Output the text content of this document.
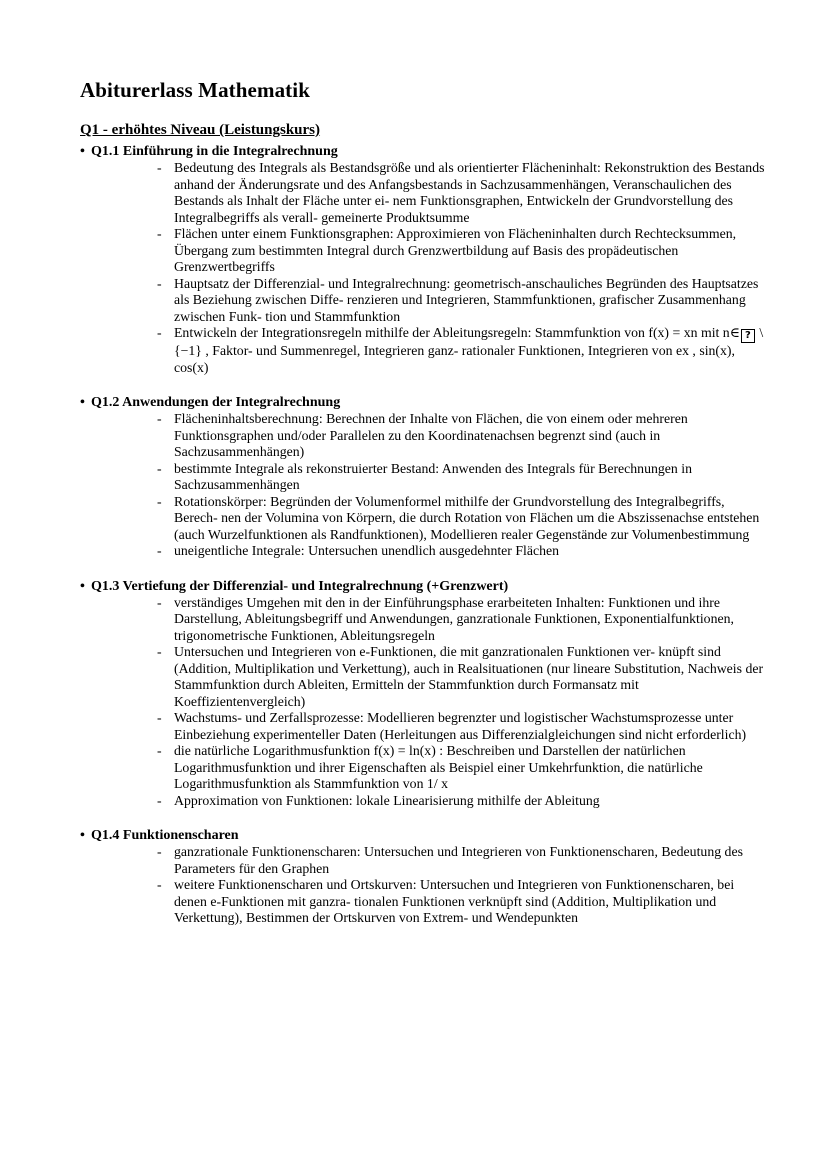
Abiturerlass Mathematik
Q1 - erhöhtes Niveau (Leistungskurs)
• Q1.1 Einführung in die Integralrechnung
- Bedeutung des Integrals als Bestandsgröße und als orientierter Flächeninhalt: Rekonstruktion des Bestands anhand der Änderungsrate und des Anfangsbestands in Sachzusammenhängen, Veranschaulichen des Bestands als Inhalt der Fläche unter ei- nem Funktionsgraphen, Entwickeln der Grundvorstellung des Integralbegriffs als verall- gemeinerte Produktsumme
- Flächen unter einem Funktionsgraphen: Approximieren von Flächeninhalten durch Rechtecksummen, Übergang zum bestimmten Integral durch Grenzwertbildung auf Basis des propädeutischen Grenzwertbegriffs
- Hauptsatz der Differenzial- und Integralrechnung: geometrisch-anschauliches Begründen des Hauptsatzes als Beziehung zwischen Diffe- renzieren und Integrieren, Stammfunktionen, grafischer Zusammenhang zwischen Funk- tion und Stammfunktion
- Entwickeln der Integrationsregeln mithilfe der Ableitungsregeln: Stammfunktion von f(x) = xn mit n∈ ? \ {−1} , Faktor- und Summenregel, Integrieren ganz- rationaler Funktionen, Integrieren von ex , sin(x), cos(x)
• Q1.2 Anwendungen der Integralrechnung
- Flächeninhaltsberechnung: Berechnen der Inhalte von Flächen, die von einem oder mehreren Funktionsgraphen und/oder Parallelen zu den Koordinatenachsen begrenzt sind (auch in Sachzusammenhängen)
- bestimmte Integrale als rekonstruierter Bestand: Anwenden des Integrals für Berechnungen in Sachzusammenhängen
- Rotationskörper: Begründen der Volumenformel mithilfe der Grundvorstellung des Integralbegriffs, Berech- nen der Volumina von Körpern, die durch Rotation von Flächen um die Abszissenachse entstehen (auch Wurzelfunktionen als Randfunktionen), Modellieren realer Gegenstände zur Volumenbestimmung
- uneigentliche Integrale: Untersuchen unendlich ausgedehnter Flächen
• Q1.3 Vertiefung der Differenzial- und Integralrechnung (+Grenzwert)
- verständiges Umgehen mit den in der Einführungsphase erarbeiteten Inhalten: Funktionen und ihre Darstellung, Ableitungsbegriff und Anwendungen, ganzrationale Funktionen, Exponentialfunktionen, trigonometrische Funktionen, Ableitungsregeln
- Untersuchen und Integrieren von e-Funktionen, die mit ganzrationalen Funktionen ver- knüpft sind (Addition, Multiplikation und Verkettung), auch in Realsituationen (nur lineare Substitution, Nachweis der Stammfunktion durch Ableiten, Ermitteln der Stammfunktion durch Formansatz mit Koeffizientenvergleich)
- Wachstums- und Zerfallsprozesse: Modellieren begrenzter und logistischer Wachstumsprozesse unter Einbeziehung experimenteller Daten (Herleitungen aus Differenzialgleichungen sind nicht erforderlich)
- die natürliche Logarithmusfunktion f(x) = ln(x) : Beschreiben und Darstellen der natürlichen Logarithmusfunktion und ihrer Eigenschaften als Beispiel einer Umkehrfunktion, die natürliche Logarithmusfunktion als Stammfunktion von 1/ x
- Approximation von Funktionen: lokale Linearisierung mithilfe der Ableitung
• Q1.4 Funktionenscharen
- ganzrationale Funktionenscharen: Untersuchen und Integrieren von Funktionenscharen, Bedeutung des Parameters für den Graphen
- weitere Funktionenscharen und Ortskurven: Untersuchen und Integrieren von Funktionenscharen, bei denen e-Funktionen mit ganzra- tionalen Funktionen verknüpft sind (Addition, Multiplikation und Verkettung), Bestimmen der Ortskurven von Extrem- und Wendepunkten
